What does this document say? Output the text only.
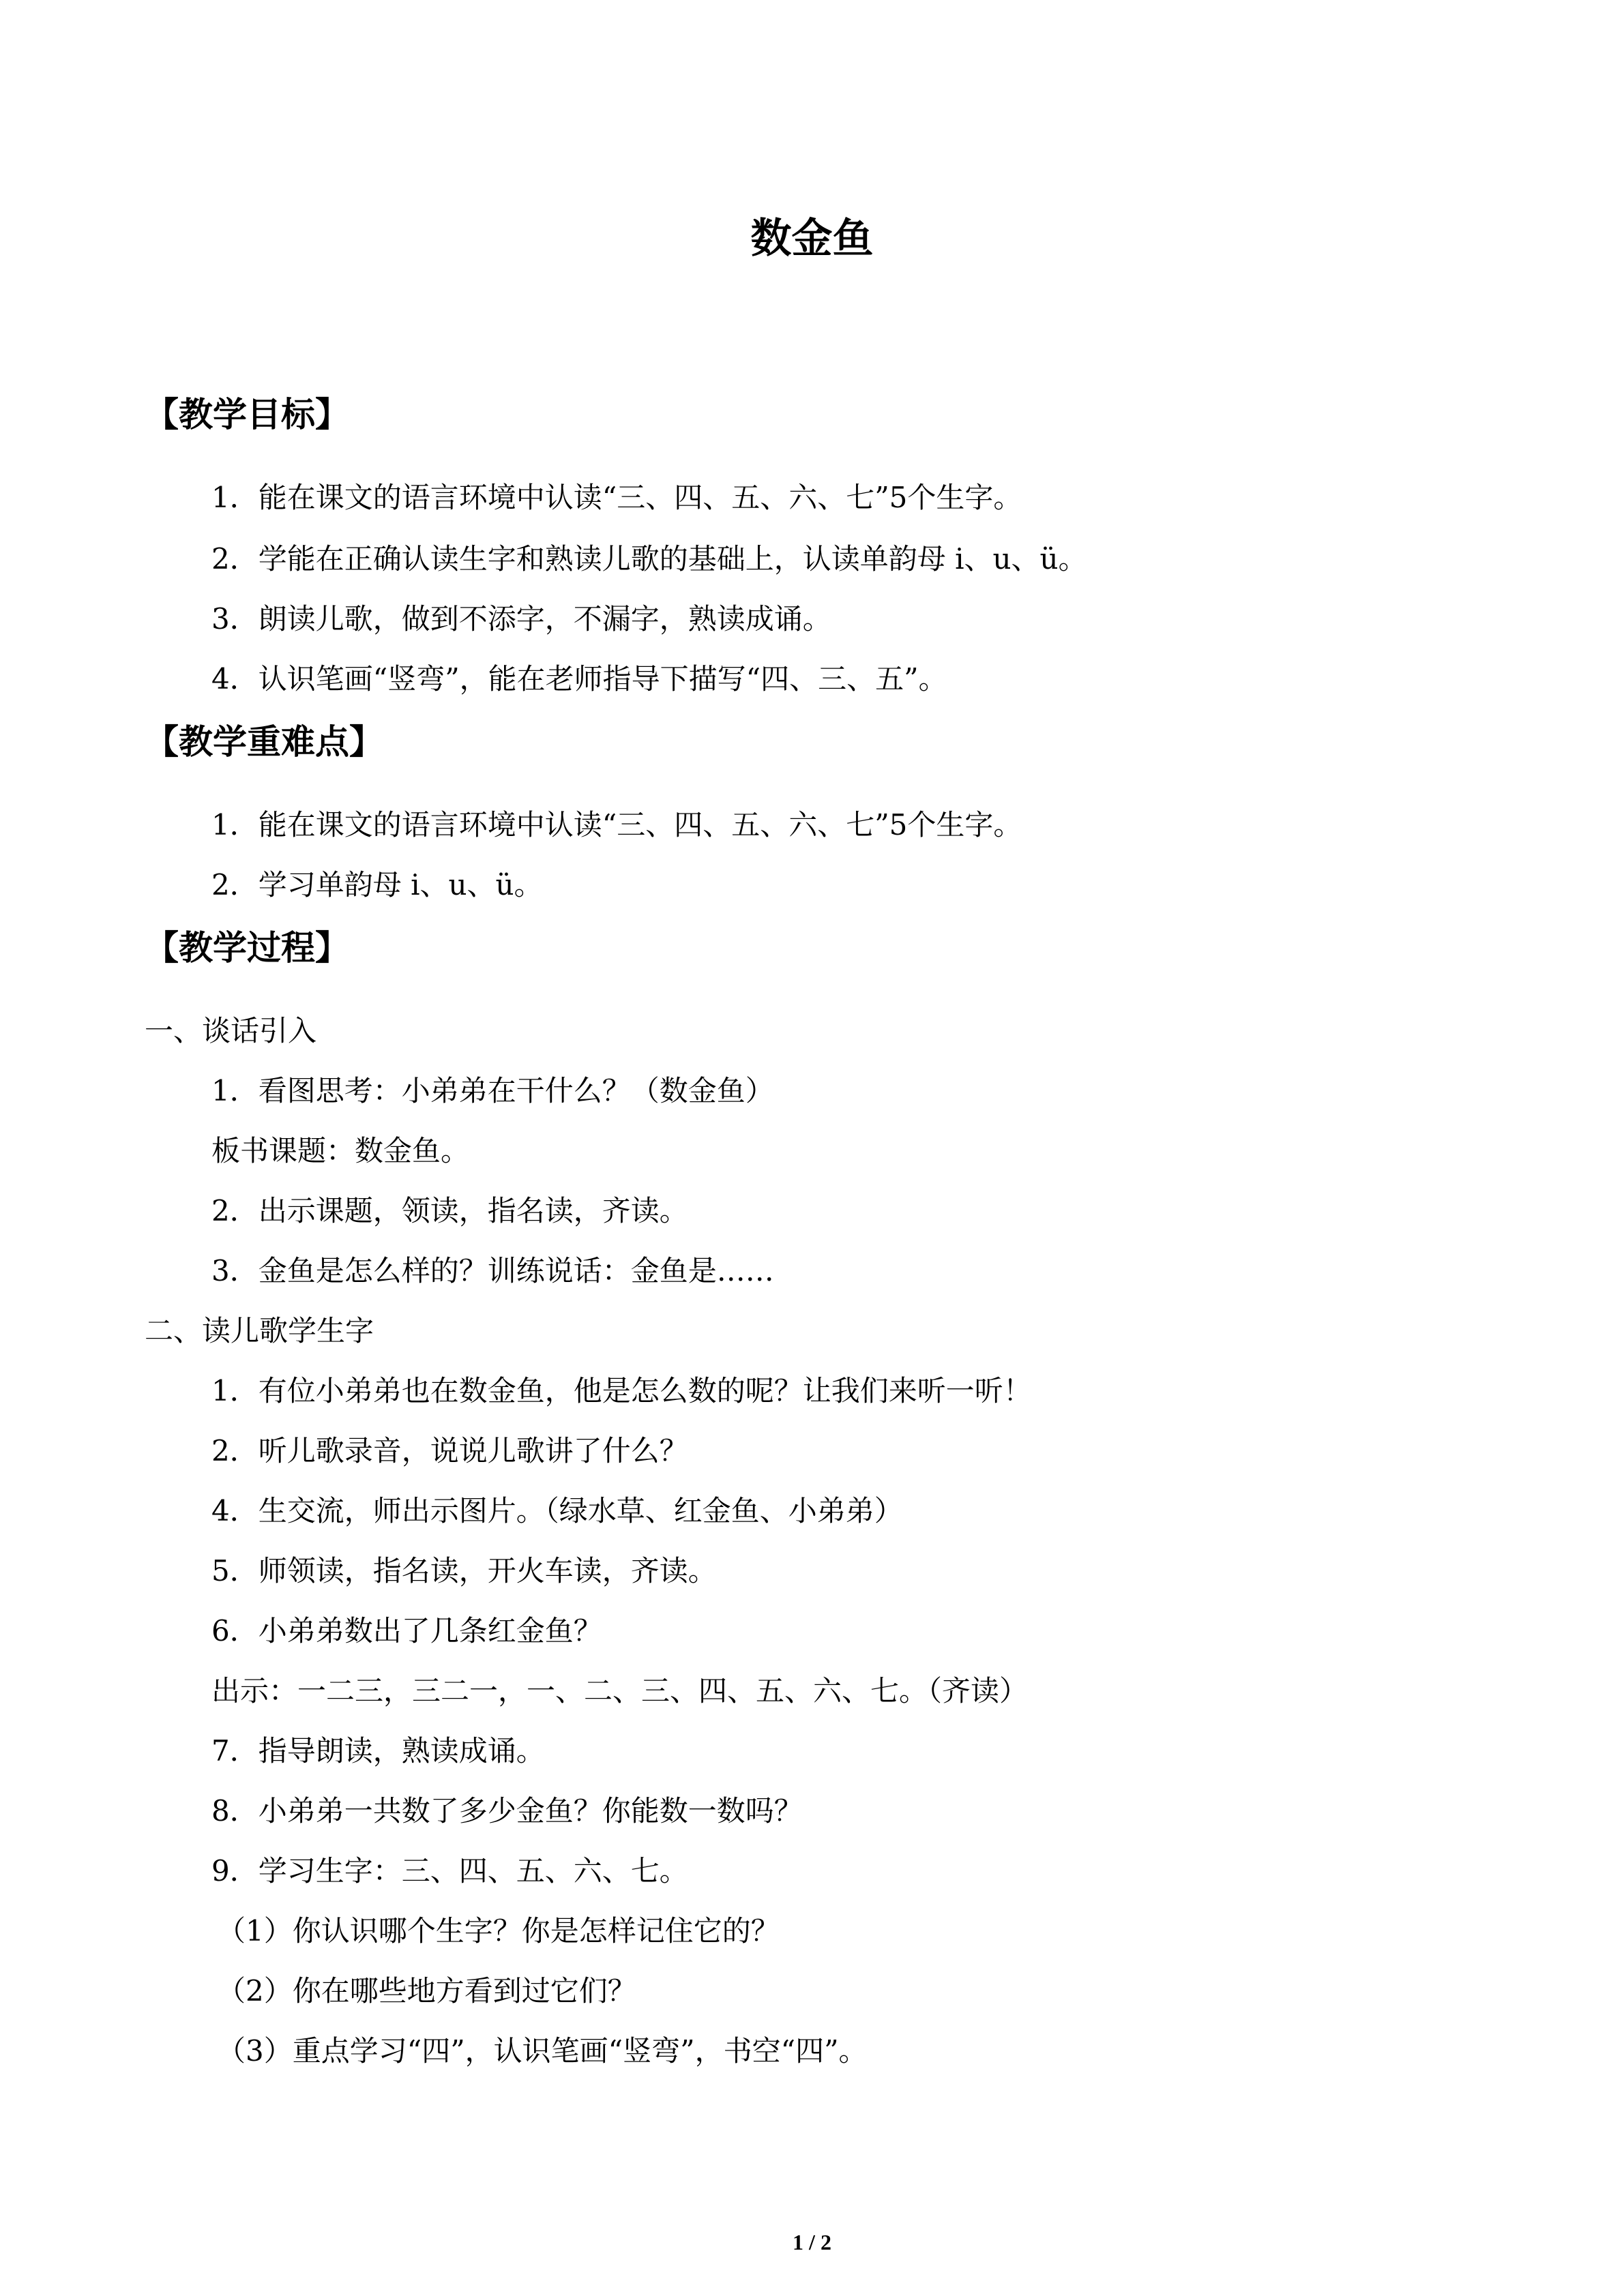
数金鱼
【教学目标】
1．能在课文的语言环境中认读“三、四、五、六、七”5个生字。
2．学能在正确认读生字和熟读儿歌的基础上，认读单韵母 i、u、ü。
3．朗读儿歌，做到不添字，不漏字，熟读成诵。
4．认识笔画“竖弯”，能在老师指导下描写“四、三、五”。
【教学重难点】
1．能在课文的语言环境中认读“三、四、五、六、七”5个生字。
2．学习单韵母 i、u、ü。
【教学过程】
一、谈话引入
1．看图思考：小弟弟在干什么？（数金鱼）
板书课题：数金鱼。
2．出示课题，领读，指名读，齐读。
3．金鱼是怎么样的？训练说话：金鱼是……
二、读儿歌学生字
1．有位小弟弟也在数金鱼，他是怎么数的呢？让我们来听一听！
2．听儿歌录音，说说儿歌讲了什么？
4．生交流，师出示图片。（绿水草、红金鱼、小弟弟）
5．师领读，指名读，开火车读，齐读。
6．小弟弟数出了几条红金鱼？
出示：一二三，三二一，一、二、三、四、五、六、七。（齐读）
7．指导朗读，熟读成诵。
8．小弟弟一共数了多少金鱼？你能数一数吗？
9．学习生字：三、四、五、六、七。
（1）你认识哪个生字？你是怎样记住它的？
（2）你在哪些地方看到过它们？
（3）重点学习“四”，认识笔画“竖弯”，书空“四”。
1 / 2
